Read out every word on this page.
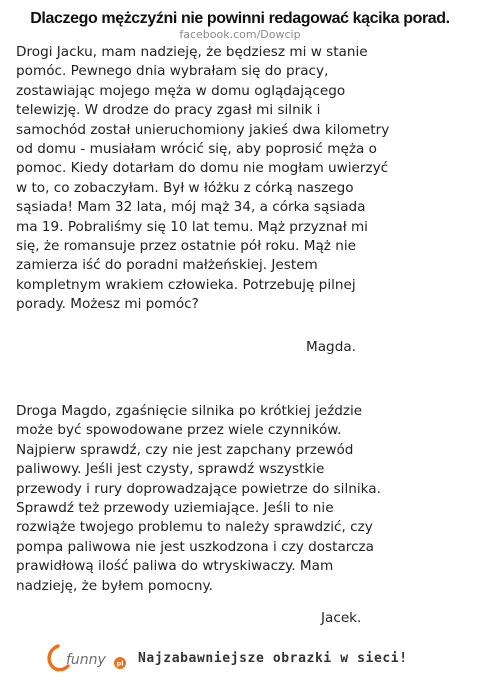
Dlaczego mężczyźni nie powinni redagować kącika porad.
facebook.com/Dowcip

Drogi Jacku, mam nadzieję, że będziesz mi w stanie
pomóc. Pewnego dnia wybrałam się do pracy,
zostawiając mojego męża w domu oglądającego
telewizję. W drodze do pracy zgasł mi silnik i
samochód został unieruchomiony jakieś dwa kilometry
od domu - musiałam wrócić się, aby poprosić męża o
pomoc. Kiedy dotarłam do domu nie mogłam uwierzyć
w to, co zobaczyłam. Był w łóżku z córką naszego
sąsiada! Mam 32 lata, mój mąż 34, a córka sąsiada
ma 19. Pobraliśmy się 10 lat temu. Mąż przyznał mi
się, że romansuje przez ostatnie pół roku. Mąż nie
zamierza iść do poradni małżeńskiej. Jestem
kompletnym wrakiem człowieka. Potrzebuję pilnej
porady. Możesz mi pomóc?

Magda.

Droga Magdo, zgaśnięcie silnika po krótkiej jeździe
może być spowodowane przez wiele czynników.
Najpierw sprawdź, czy nie jest zapchany przewód
paliwowy. Jeśli jest czysty, sprawdź wszystkie
przewody i rury doprowadzające powietrze do silnika.
Sprawdź też przewody uziemiające. Jeśli to nie
rozwiąże twojego problemu to należy sprawdzić, czy
pompa paliwowa nie jest uszkodzona i czy dostarcza
prawidłową ilość paliwa do wtryskiwaczy. Mam
nadzieję, że byłem pomocny.

Jacek.
funny pl Najzabawniejsze obrazki w sieci!
